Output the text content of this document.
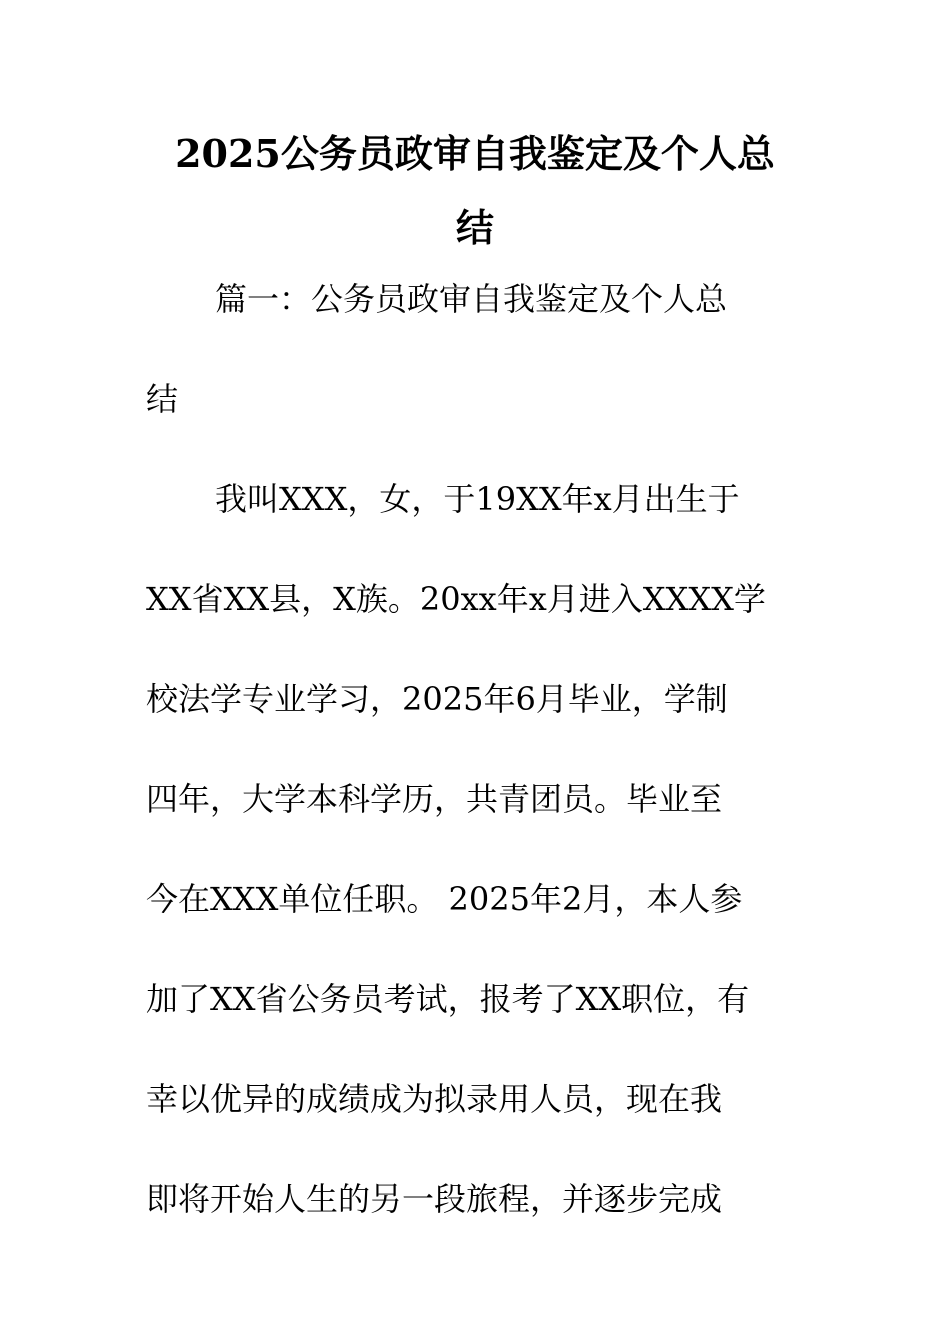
2025公务员政审自我鉴定及个人总
结

篇一：公务员政审自我鉴定及个人总

结

我叫XXX，女，于19XX年x月出生于

XX省XX县，X族。20xx年x月进入XXXX学

校法学专业学习，2025年6月毕业，学制

四年，大学本科学历，共青团员。毕业至

今在XXX单位任职。 2025年2月，本人参

加了XX省公务员考试，报考了XX职位，有

幸以优异的成绩成为拟录用人员，现在我

即将开始人生的另一段旅程，并逐步完成
